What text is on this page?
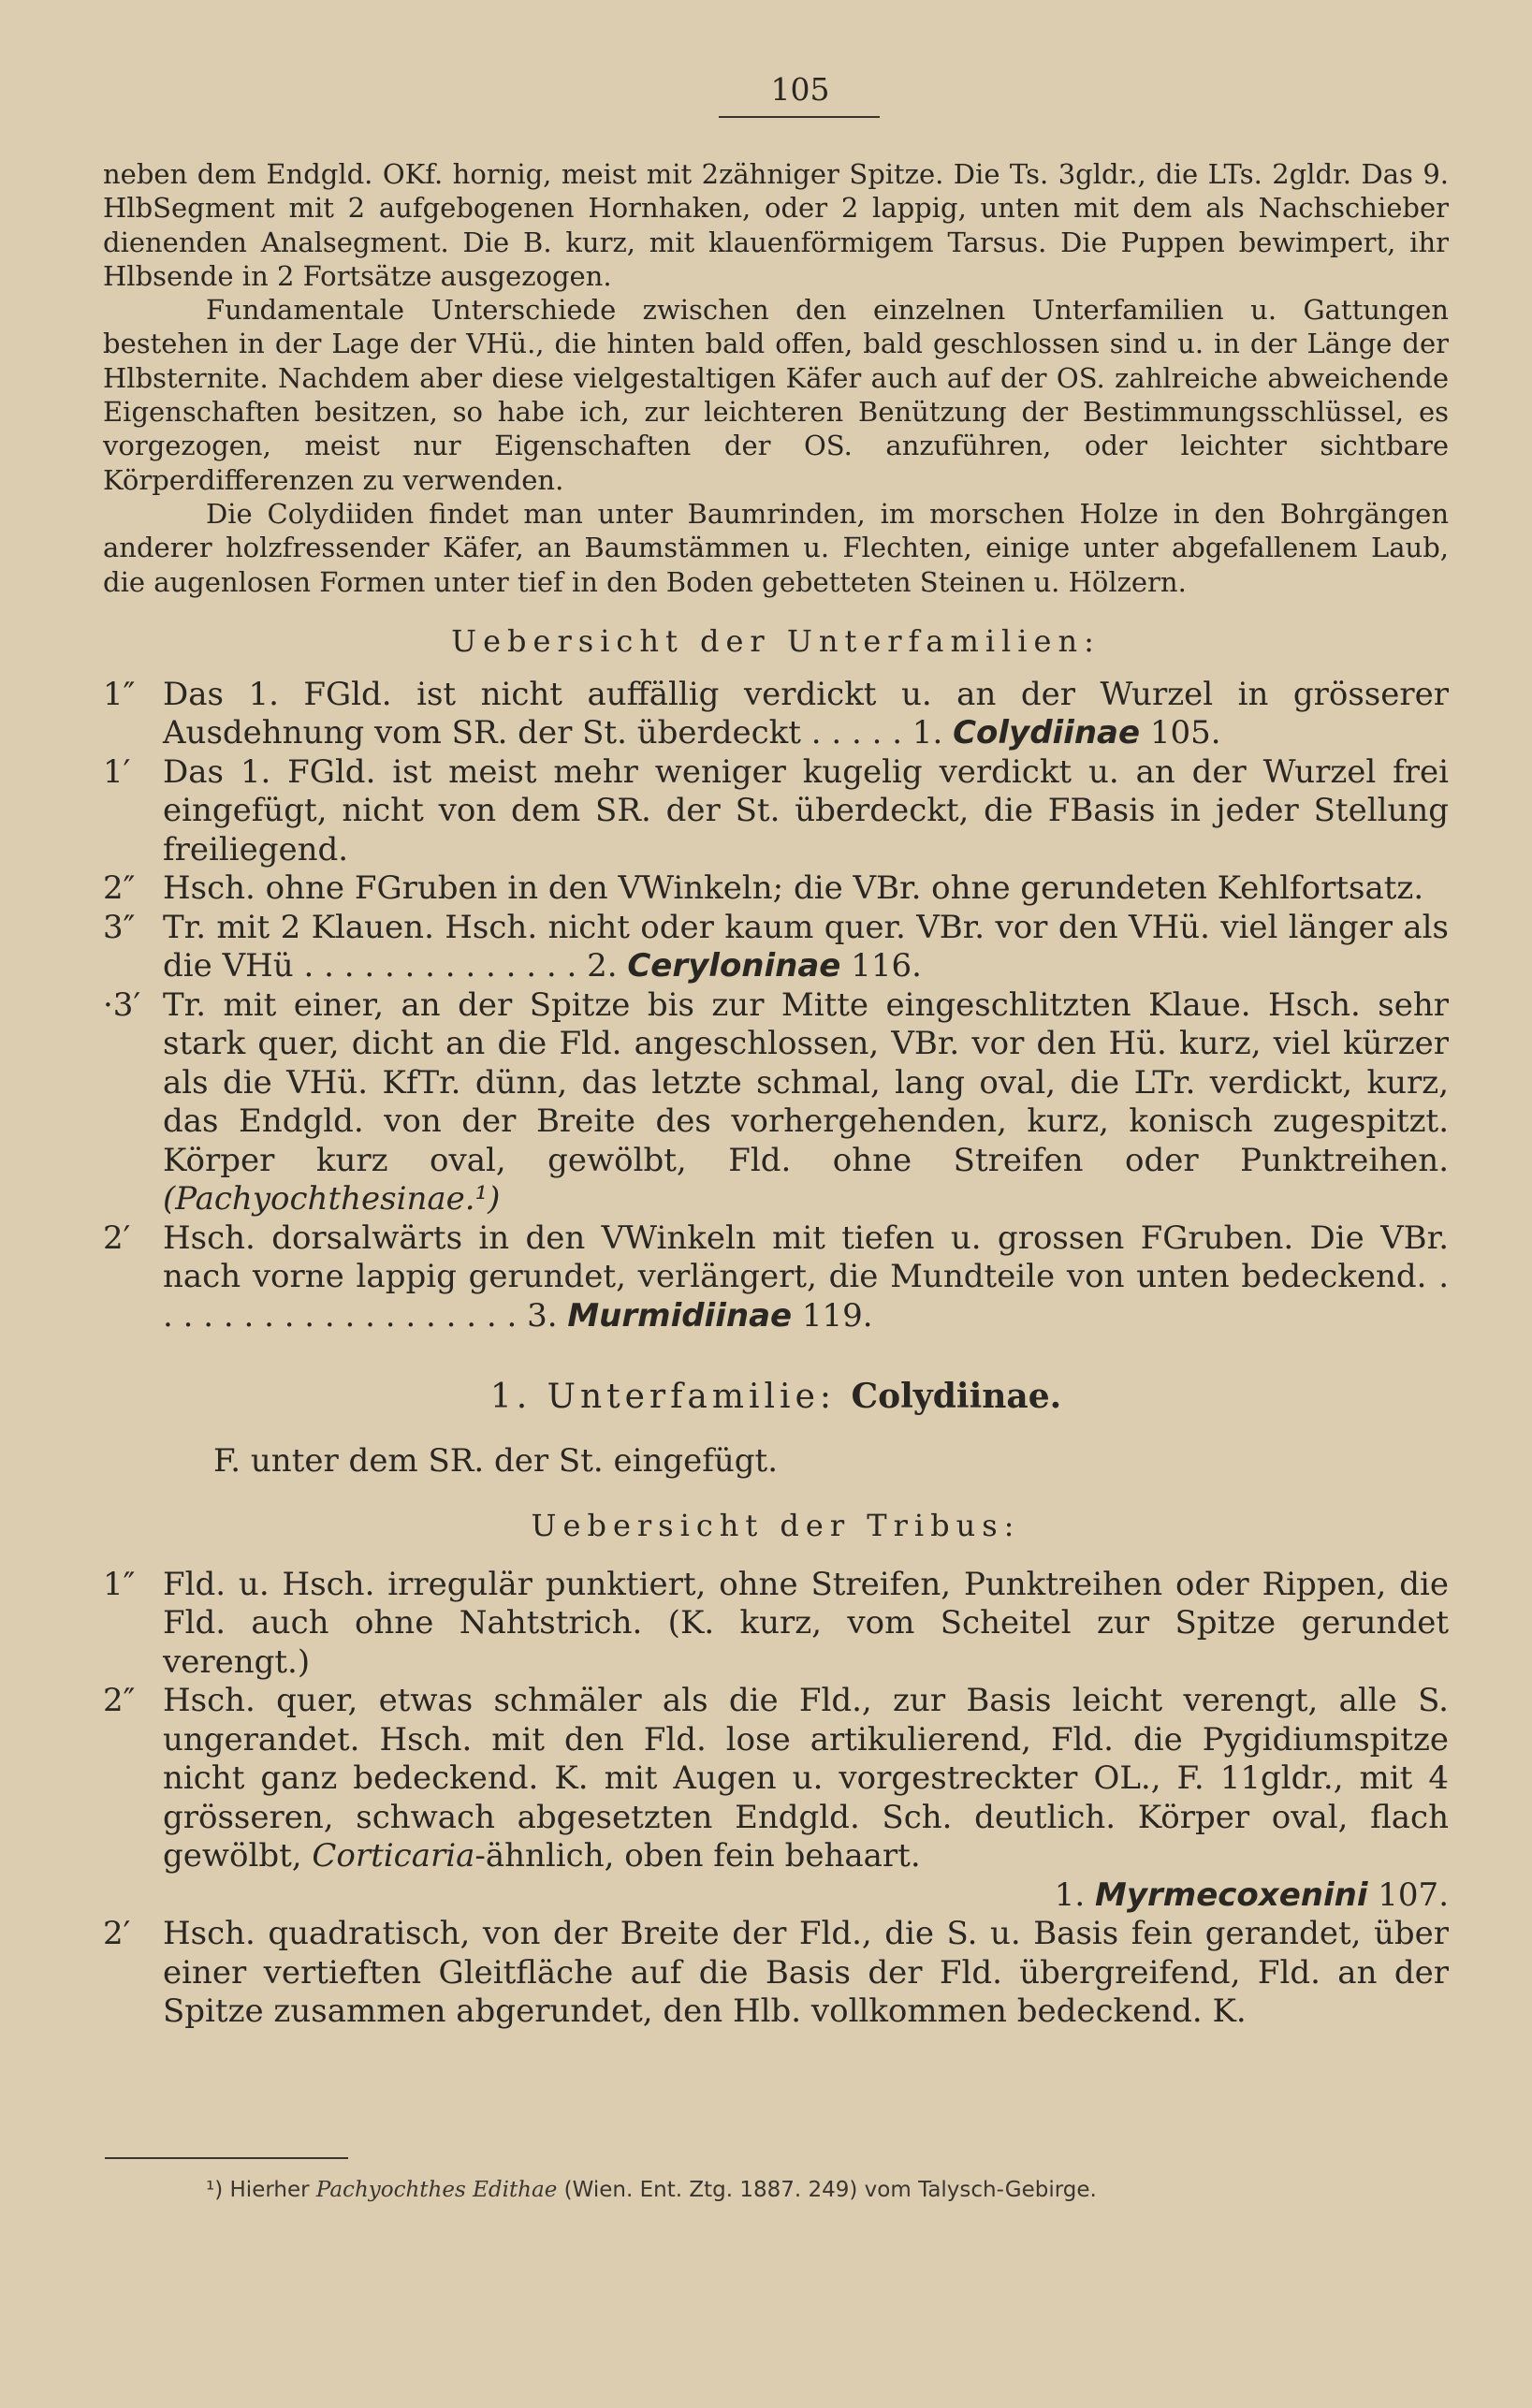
105

neben dem Endgld. OKf. hornig, meist mit 2zähniger Spitze. Die Ts. 3gldr., die LTs. 2gldr. Das 9. HlbSegment mit 2 aufgebogenen Hornhaken, oder 2 lappig, unten mit dem als Nachschieber dienenden Analsegment. Die B. kurz, mit klauenförmigem Tarsus. Die Puppen bewimpert, ihr Hlbsende in 2 Fortsätze ausgezogen.

Fundamentale Unterschiede zwischen den einzelnen Unterfamilien u. Gattungen bestehen in der Lage der VHü., die hinten bald offen, bald geschlossen sind u. in der Länge der Hlbsternite. Nachdem aber diese vielgestaltigen Käfer auch auf der OS. zahlreiche abweichende Eigenschaften besitzen, so habe ich, zur leichteren Benützung der Bestimmungsschlüssel, es vorgezogen, meist nur Eigenschaften der OS. anzuführen, oder leichter sichtbare Körperdifferenzen zu verwenden.

Die Colydiiden findet man unter Baumrinden, im morschen Holze in den Bohrgängen anderer holzfressender Käfer, an Baumstämmen u. Flechten, einige unter abgefallenem Laub, die augenlosen Formen unter tief in den Boden gebetteten Steinen u. Hölzern.

Uebersicht der Unterfamilien:

1″ Das 1. FGld. ist nicht auffällig verdickt u. an der Wurzel in grösserer Ausdehnung vom SR. der St. überdeckt . . . . . 1. Colydiinae 105.
1′ Das 1. FGld. ist meist mehr weniger kugelig verdickt u. an der Wurzel frei eingefügt, nicht von dem SR. der St. überdeckt, die FBasis in jeder Stellung freiliegend.
2″ Hsch. ohne FGruben in den VWinkeln; die VBr. ohne gerundeten Kehlfortsatz.
3″ Tr. mit 2 Klauen. Hsch. nicht oder kaum quer. VBr. vor den VHü. viel länger als die VHü . . . . . . . . . . . . . . 2. Ceryloninae 116.
·3′ Tr. mit einer, an der Spitze bis zur Mitte eingeschlitzten Klaue. Hsch. sehr stark quer, dicht an die Fld. angeschlossen, VBr. vor den Hü. kurz, viel kürzer als die VHü. KfTr. dünn, das letzte schmal, lang oval, die LTr. verdickt, kurz, das Endgld. von der Breite des vorhergehenden, kurz, konisch zugespitzt. Körper kurz oval, gewölbt, Fld. ohne Streifen oder Punktreihen. (Pachyochthesinae.¹)
2′ Hsch. dorsalwärts in den VWinkeln mit tiefen u. grossen FGruben. Die VBr. nach vorne lappig gerundet, verlängert, die Mundteile von unten bedeckend. . . . . . . . . . . . . . . . . . . . 3. Murmidiinae 119.

1. Unterfamilie: Colydiinae.

F. unter dem SR. der St. eingefügt.

Uebersicht der Tribus:

1″ Fld. u. Hsch. irregulär punktiert, ohne Streifen, Punktreihen oder Rippen, die Fld. auch ohne Nahtstrich. (K. kurz, vom Scheitel zur Spitze gerundet verengt.)
2″ Hsch. quer, etwas schmäler als die Fld., zur Basis leicht verengt, alle S. ungerandet. Hsch. mit den Fld. lose artikulierend, Fld. die Pygidiumspitze nicht ganz bedeckend. K. mit Augen u. vorgestreckter OL., F. 11gldr., mit 4 grösseren, schwach abgesetzten Endgld. Sch. deutlich. Körper oval, flach gewölbt, Corticaria-ähnlich, oben fein behaart.
1. Myrmecoxenini 107.
2′ Hsch. quadratisch, von der Breite der Fld., die S. u. Basis fein gerandet, über einer vertieften Gleitfläche auf die Basis der Fld. übergreifend, Fld. an der Spitze zusammen abgerundet, den Hlb. vollkommen bedeckend. K.
¹) Hierher Pachyochthes Edithae (Wien. Ent. Ztg. 1887. 249) vom Talysch-Gebirge.
